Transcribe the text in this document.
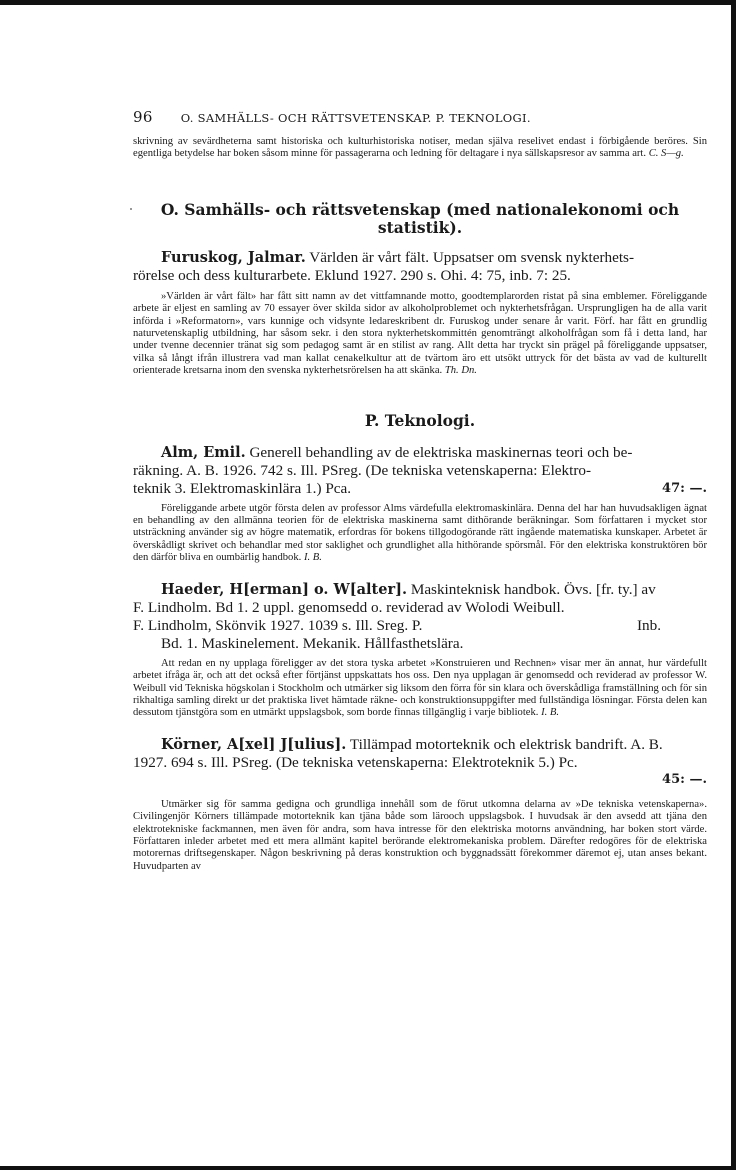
96 O. SAMHÄLLS- OCH RÄTTSVETENSKAP. P. TEKNOLOGI.

skrivning av sevärdheterna samt historiska och kulturhistoriska notiser, medan själva reselivet endast i förbigående beröres. Sin egentliga betydelse har boken såsom minne för passagerarna och ledning för deltagare i nya sällskapsresor av samma art. C. S—g.

O. Samhälls- och rättsvetenskap (med nationalekonomi och
statistik).

Furuskog, Jalmar. Världen är vårt fält. Uppsatser om svensk nykterhets-

rörelse och dess kulturarbete. Eklund 1927. 290 s. Ohi. 4: 75, inb. 7: 25.

»Världen är vårt fält» har fått sitt namn av det vittfamnande motto, goodtemplarorden ristat på sina emblemer. Föreliggande arbete är eljest en samling av 70 essayer över skilda sidor av alkoholproblemet och nykterhetsfrågan. Ursprungligen ha de alla varit införda i »Reformatorn», vars kunnige och vidsynte ledareskribent dr. Furuskog under senare år varit. Förf. har fått en grundlig naturvetenskaplig utbildning, har såsom sekr. i den stora nykterhetskommittén genomträngt alkoholfrågan som få i detta land, har under tvenne decennier tränat sig som pedagog samt är en stilist av rang. Allt detta har tryckt sin prägel på föreliggande uppsatser, vilka så långt ifrån illustrera vad man kallat cenakelkultur att de tvärtom äro ett utsökt uttryck för det bästa av vad de kulturellt orienterade kretsarna inom den svenska nykterhetsrörelsen ha att skänka. Th. Dn.

P. Teknologi.

Alm, Emil. Generell behandling av de elektriska maskinernas teori och be-

räkning. A. B. 1926. 742 s. Ill. PSreg. (De tekniska vetenskaperna: Elektro-

teknik 3. Elektromaskinlära 1.) Pca.	47: —.

Föreliggande arbete utgör första delen av professor Alms värdefulla elektromaskinlära. Denna del har han huvudsakligen ägnat en behandling av den allmänna teorien för de elektriska maskinerna samt dithörande beräkningar. Som författaren i mycket stor utsträckning använder sig av högre matematik, erfordras för bokens tillgodogörande rätt ingående matematiska kunskaper. Arbetet är överskådligt skrivet och behandlar med stor saklighet och grundlighet alla hithörande spörsmål. För den elektriska konstruktören bör den därför bliva en oumbärlig handbok. I. B.

Haeder, H[erman] o. W[alter]. Maskinteknisk handbok. Övs. [fr. ty.] av

F. Lindholm. Bd 1. 2 uppl. genomsedd o. reviderad av Wolodi Weibull.

F. Lindholm, Skönvik 1927. 1039 s. Ill. Sreg. P.	Inb.

Bd. 1. Maskinelement. Mekanik. Hållfasthetslära.

Att redan en ny upplaga föreligger av det stora tyska arbetet »Konstruieren und Rechnen» visar mer än annat, hur värdefullt arbetet ifråga är, och att det också efter förtjänst uppskattats hos oss. Den nya upplagan är genomsedd och reviderad av professor W. Weibull vid Tekniska högskolan i Stockholm och utmärker sig liksom den förra för sin klara och överskådliga framställning och för sin rikhaltiga samling direkt ur det praktiska livet hämtade räkne- och konstruktionsuppgifter med fullständiga lösningar. Första delen kan dessutom tjänstgöra som en utmärkt uppslagsbok, som borde finnas tillgänglig i varje bibliotek. I. B.

Körner, A[xel] J[ulius]. Tillämpad motorteknik och elektrisk bandrift. A. B.

1927. 694 s. Ill. PSreg. (De tekniska vetenskaperna: Elektroteknik 5.) Pc.

45: —.

Utmärker sig för samma gedigna och grundliga innehåll som de förut utkomna delarna av »De tekniska vetenskaperna». Civilingenjör Körners tillämpade motorteknik kan tjäna både som lärooch uppslagsbok. I huvudsak är den avsedd att tjäna den elektrotekniske fackmannen, men även för andra, som hava intresse för den elektriska motorns användning, har boken stort värde. Författaren inleder arbetet med ett mera allmänt kapitel berörande elektromekaniska problem. Därefter redogöres för de elektriska motorernas driftsegenskaper. Någon beskrivning på deras konstruktion och byggnadssätt förekommer däremot ej, utan anses bekant. Huvudparten av
